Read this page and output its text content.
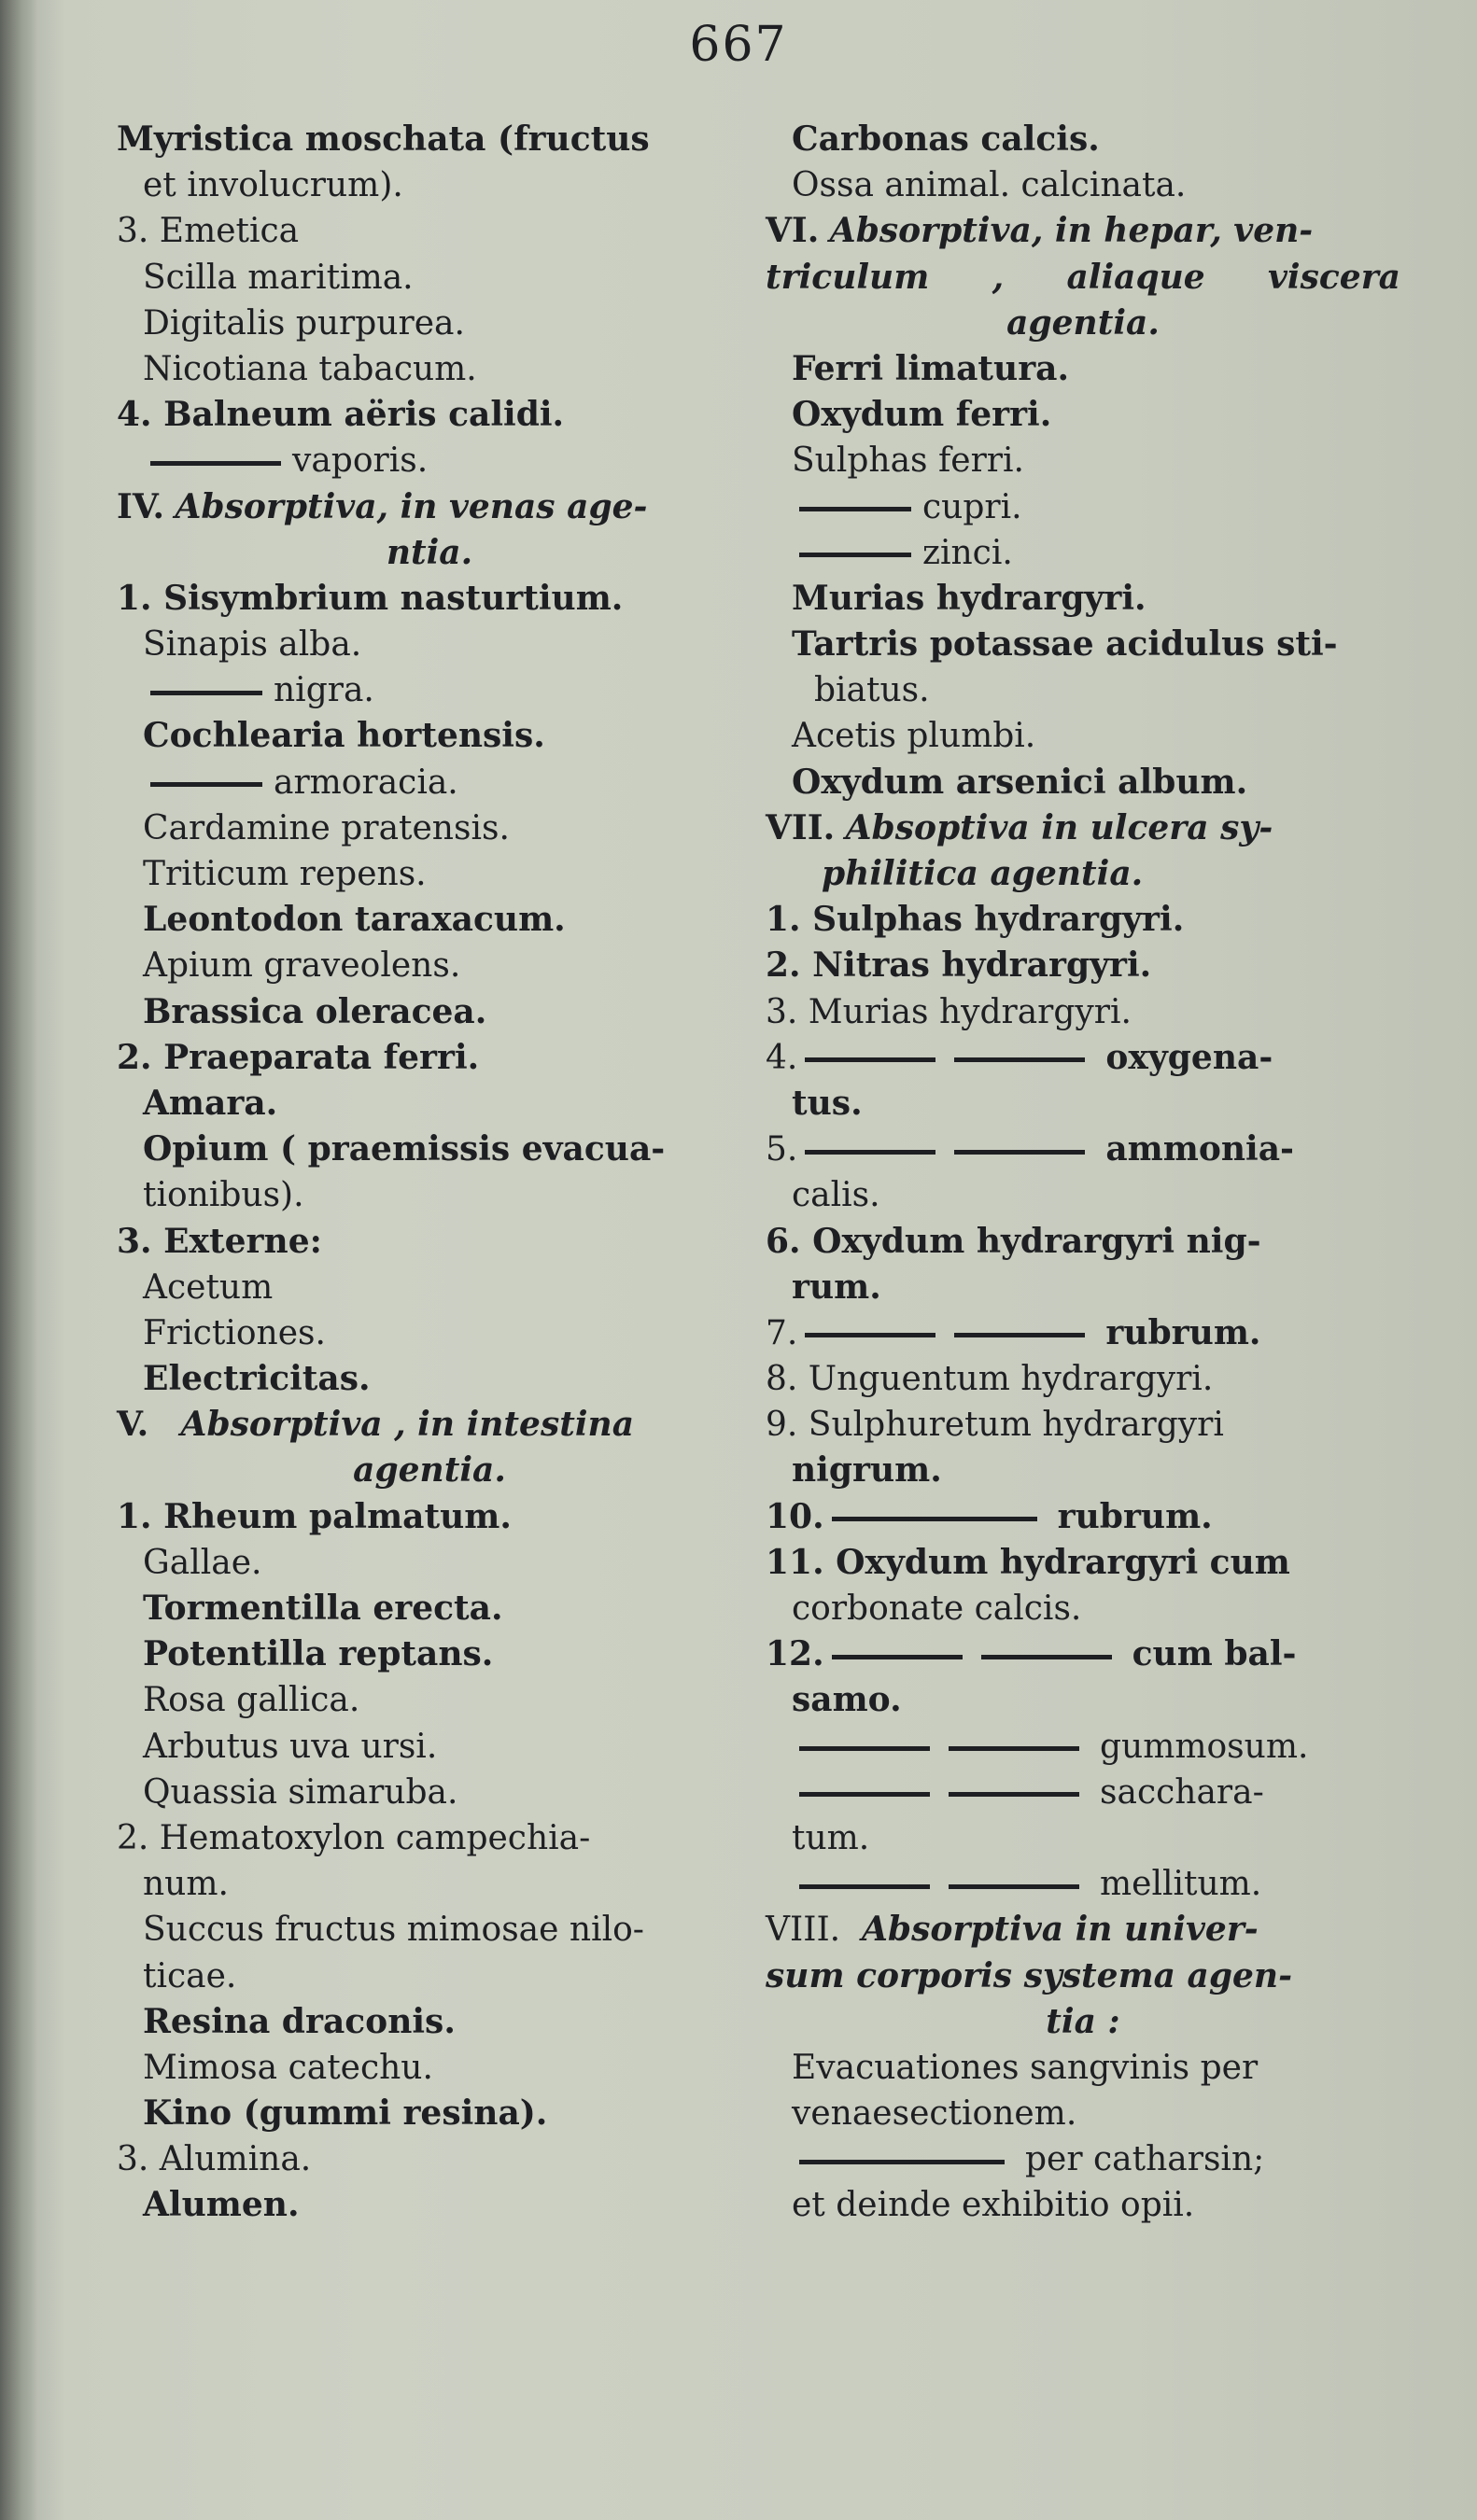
667
Myristica moschata (fructus
et involucrum).
3. Emetica
Scilla maritima.
Digitalis purpurea.
Nicotiana tabacum.
4. Balneum aëris calidi.
vaporis.
IV. Absorptiva, in venas age-
ntia.
1. Sisymbrium nasturtium.
Sinapis alba.
nigra.
Cochlearia hortensis.
armoracia.
Cardamine pratensis.
Triticum repens.
Leontodon taraxacum.
Apium graveolens.
Brassica oleracea.
2. Praeparata ferri.
Amara.
Opium ( praemissis evacua-
tionibus).
3. Externe:
Acetum
Frictiones.
Electricitas.
V. Absorptiva , in intestina
agentia.
1. Rheum palmatum.
Gallae.
Tormentilla erecta.
Potentilla reptans.
Rosa gallica.
Arbutus uva ursi.
Quassia simaruba.
2. Hematoxylon campechia-
num.
Succus fructus mimosae nilo-
ticae.
Resina draconis.
Mimosa catechu.
Kino (gummi resina).
3. Alumina.
Alumen.
Carbonas calcis.
Ossa animal. calcinata.
VI. Absorptiva, in hepar, ven-
triculum , aliaque viscera
agentia.
Ferri limatura.
Oxydum ferri.
Sulphas ferri.
cupri.
zinci.
Murias hydrargyri.
Tartris potassae acidulus sti-
biatus.
Acetis plumbi.
Oxydum arsenici album.
VII. Absoptiva in ulcera sy-
philitica agentia.
1. Sulphas hydrargyri.
2. Nitras hydrargyri.
3. Murias hydrargyri.
4.	oxygena-
tus.
5.	ammonia-
calis.
6. Oxydum hydrargyri nig-
rum.
7.	rubrum.
8. Unguentum hydrargyri.
9. Sulphuretum hydrargyri
nigrum.
10.	rubrum.
11. Oxydum hydrargyri cum
corbonate calcis.
12.	cum bal-
samo.
gummosum.
saccharа-
tum.
mellitum.
VIII. Absorptiva in univer-
sum corporis systema agen-
tia :
Evacuationes sangvinis per
venaesectionem.
per catharsin;
et deinde exhibitio opii.
